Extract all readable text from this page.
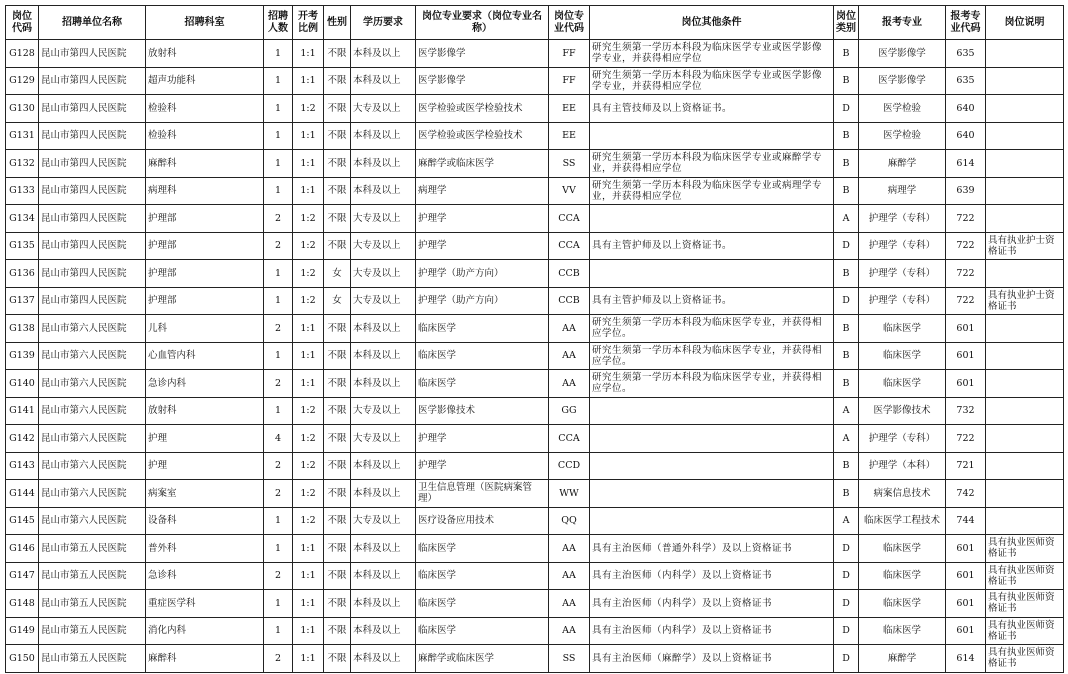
岗位代码	招聘单位名称	招聘科室	招聘人数	开考比例	性别	学历要求	岗位专业要求（岗位专业名称）	岗位专业代码	岗位其他条件	岗位类别	报考专业	报考专业代码	岗位说明
G128	昆山市第四人民医院	放射科	1	1:1	不限	本科及以上	医学影像学	FF	研究生须第一学历本科段为临床医学专业或医学影像学专业，并获得相应学位	B	医学影像学	635	
G129	昆山市第四人民医院	超声功能科	1	1:1	不限	本科及以上	医学影像学	FF	研究生须第一学历本科段为临床医学专业或医学影像学专业，并获得相应学位	B	医学影像学	635	
G130	昆山市第四人民医院	检验科	1	1:2	不限	大专及以上	医学检验或医学检验技术	EE	具有主管技师及以上资格证书。	D	医学检验	640	
G131	昆山市第四人民医院	检验科	1	1:1	不限	本科及以上	医学检验或医学检验技术	EE		B	医学检验	640	
G132	昆山市第四人民医院	麻醉科	1	1:1	不限	本科及以上	麻醉学或临床医学	SS	研究生须第一学历本科段为临床医学专业或麻醉学专业，并获得相应学位	B	麻醉学	614	
G133	昆山市第四人民医院	病理科	1	1:1	不限	本科及以上	病理学	VV	研究生须第一学历本科段为临床医学专业或病理学专业，并获得相应学位	B	病理学	639	
G134	昆山市第四人民医院	护理部	2	1:2	不限	大专及以上	护理学	CCA		A	护理学（专科）	722	
G135	昆山市第四人民医院	护理部	2	1:2	不限	大专及以上	护理学	CCA	具有主管护师及以上资格证书。	D	护理学（专科）	722	具有执业护士资格证书
G136	昆山市第四人民医院	护理部	1	1:2	女	大专及以上	护理学（助产方向）	CCB		B	护理学（专科）	722	
G137	昆山市第四人民医院	护理部	1	1:2	女	大专及以上	护理学（助产方向）	CCB	具有主管护师及以上资格证书。	D	护理学（专科）	722	具有执业护士资格证书
G138	昆山市第六人民医院	儿科	2	1:1	不限	本科及以上	临床医学	AA	研究生须第一学历本科段为临床医学专业，并获得相应学位。	B	临床医学	601	
G139	昆山市第六人民医院	心血管内科	1	1:1	不限	本科及以上	临床医学	AA	研究生须第一学历本科段为临床医学专业，并获得相应学位。	B	临床医学	601	
G140	昆山市第六人民医院	急诊内科	2	1:1	不限	本科及以上	临床医学	AA	研究生须第一学历本科段为临床医学专业，并获得相应学位。	B	临床医学	601	
G141	昆山市第六人民医院	放射科	1	1:2	不限	大专及以上	医学影像技术	GG		A	医学影像技术	732	
G142	昆山市第六人民医院	护理	4	1:2	不限	大专及以上	护理学	CCA		A	护理学（专科）	722	
G143	昆山市第六人民医院	护理	2	1:2	不限	本科及以上	护理学	CCD		B	护理学（本科）	721	
G144	昆山市第六人民医院	病案室	2	1:2	不限	本科及以上	卫生信息管理（医院病案管理）	WW		B	病案信息技术	742	
G145	昆山市第六人民医院	设备科	1	1:2	不限	大专及以上	医疗设备应用技术	QQ		A	临床医学工程技术	744	
G146	昆山市第五人民医院	普外科	1	1:1	不限	本科及以上	临床医学	AA	具有主治医师（普通外科学）及以上资格证书	D	临床医学	601	具有执业医师资格证书
G147	昆山市第五人民医院	急诊科	2	1:1	不限	本科及以上	临床医学	AA	具有主治医师（内科学）及以上资格证书	D	临床医学	601	具有执业医师资格证书
G148	昆山市第五人民医院	重症医学科	1	1:1	不限	本科及以上	临床医学	AA	具有主治医师（内科学）及以上资格证书	D	临床医学	601	具有执业医师资格证书
G149	昆山市第五人民医院	消化内科	1	1:1	不限	本科及以上	临床医学	AA	具有主治医师（内科学）及以上资格证书	D	临床医学	601	具有执业医师资格证书
G150	昆山市第五人民医院	麻醉科	2	1:1	不限	本科及以上	麻醉学或临床医学	SS	具有主治医师（麻醉学）及以上资格证书	D	麻醉学	614	具有执业医师资格证书
